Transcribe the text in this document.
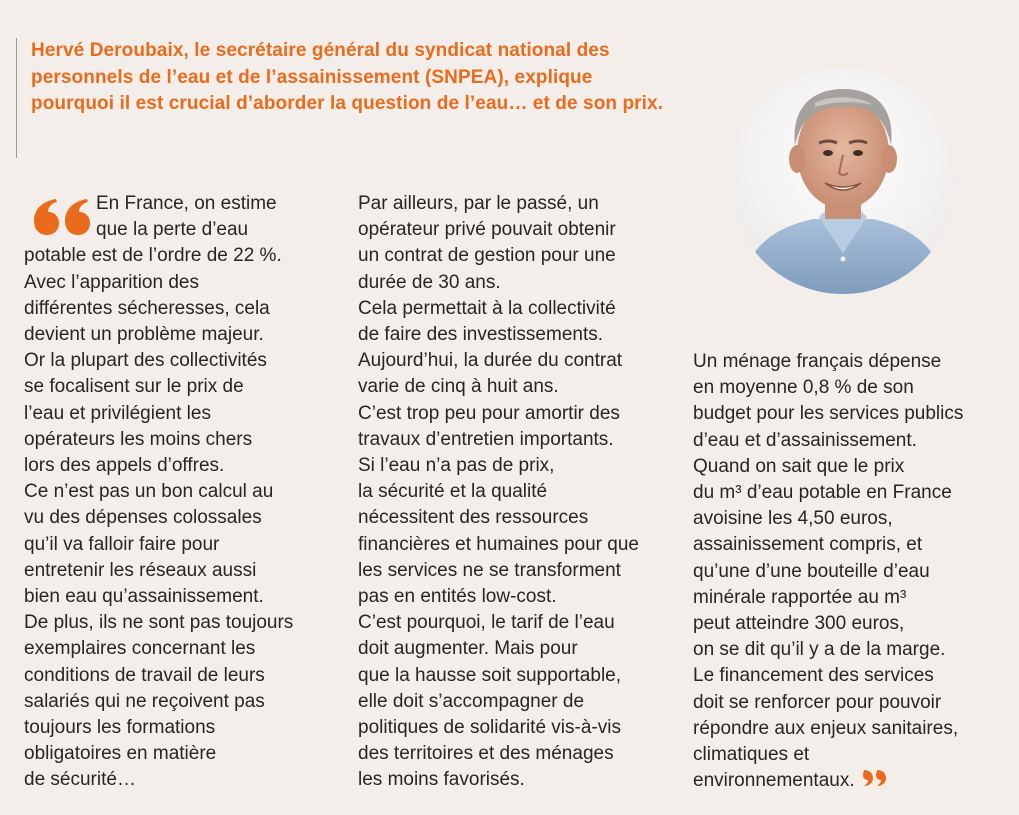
Hervé Deroubaix, le secrétaire général du syndicat national des personnels de l’eau et de l’assainissement (SNPEA), explique pourquoi il est crucial d’aborder la question de l’eau… et de son prix.

En France, on estime

que la perte d’eau

potable est de l’ordre de 22 %.

Avec l’apparition des

différentes sécheresses, cela

devient un problème majeur.

Or la plupart des collectivités

se focalisent sur le prix de

l’eau et privilégient les

opérateurs les moins chers

lors des appels d’offres.

Ce n’est pas un bon calcul au

vu des dépenses colossales

qu’il va falloir faire pour

entretenir les réseaux aussi

bien eau qu’assainissement.

De plus, ils ne sont pas toujours

exemplaires concernant les

conditions de travail de leurs

salariés qui ne reçoivent pas

toujours les formations

obligatoires en matière

de sécurité…

Par ailleurs, par le passé, un

opérateur privé pouvait obtenir

un contrat de gestion pour une

durée de 30 ans.

Cela permettait à la collectivité

de faire des investissements.

Aujourd’hui, la durée du contrat

varie de cinq à huit ans.

C’est trop peu pour amortir des

travaux d’entretien importants.

Si l’eau n’a pas de prix,

la sécurité et la qualité

nécessitent des ressources

financières et humaines pour que

les services ne se transforment

pas en entités low-cost.

C’est pourquoi, le tarif de l’eau

doit augmenter. Mais pour

que la hausse soit supportable,

elle doit s’accompagner de

politiques de solidarité vis-à-vis

des territoires et des ménages

les moins favorisés.

Un ménage français dépense

en moyenne 0,8 % de son

budget pour les services publics

d’eau et d’assainissement.

Quand on sait que le prix

du m³ d’eau potable en France

avoisine les 4,50 euros,

assainissement compris, et

qu’une d’une bouteille d’eau

minérale rapportée au m³

peut atteindre 300 euros,

on se dit qu’il y a de la marge.

Le financement des services

doit se renforcer pour pouvoir

répondre aux enjeux sanitaires,

climatiques et

environnementaux.
